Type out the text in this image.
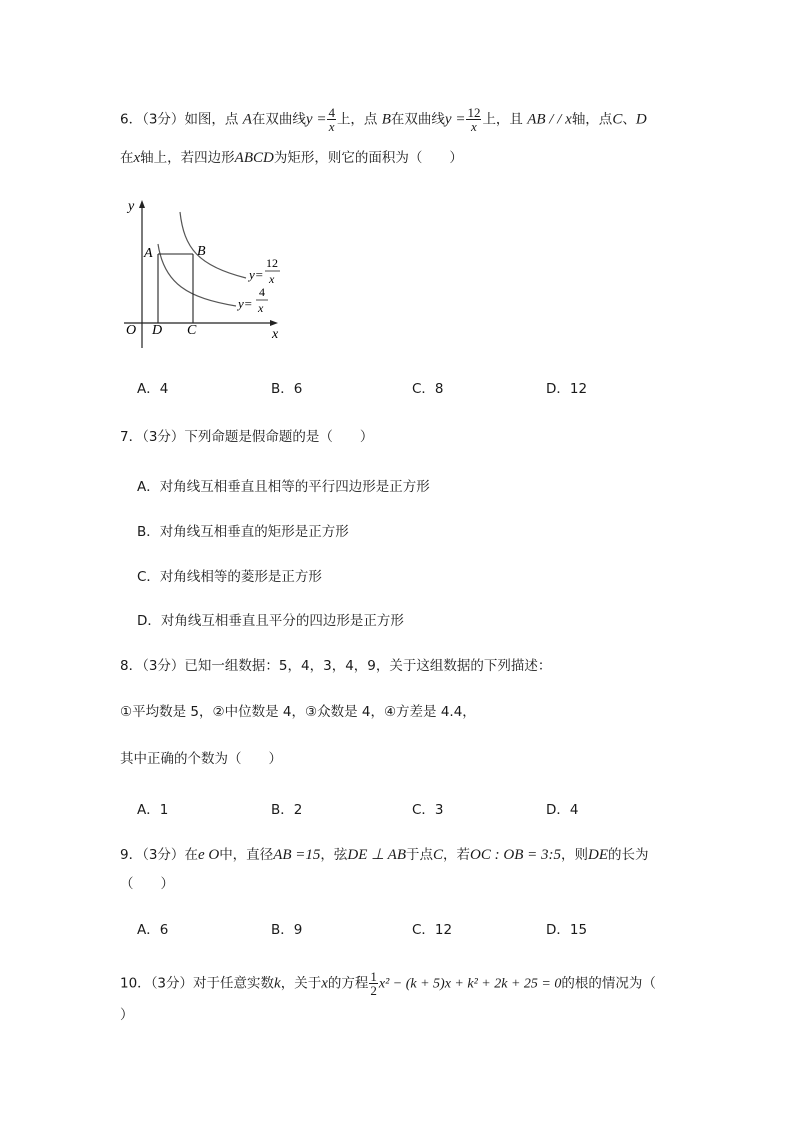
6．（3分）如图，点 A在双曲线$y = \frac{4}{x}$ 上，点 B在双曲线$y = \frac{12}{x}$ 上，且 AB / / x轴，点C、D
在x轴上，若四边形ABCD为矩形，则它的面积为（　　）
y
x
O
A	B
D C
y=
12
x
y=
4
x
A．4	B．6	C．8	D．12
7．（3分）下列命题是假命题的是（　　）
A．对角线互相垂直且相等的平行四边形是正方形
B．对角线互相垂直的矩形是正方形
C．对角线相等的菱形是正方形
D．对角线互相垂直且平分的四边形是正方形
8．（3分）已知一组数据：5，4，3，4，9，关于这组数据的下列描述：
①平均数是 5，②中位数是 4，③众数是 4，④方差是 4.4，
其中正确的个数为（　　）
A．1	B．2	C．3	D．4
9．（3分）在e O中，直径AB =15，弦DE ⊥ AB于点C，若OC : OB = 3:5，则DE的长为
（　　）
A．6	B．9	C．12	D．15
10．（3分）对于任意实数k，关于x的方程 $\frac{1}{2} x^2 - (k + 5)x + k^2 + 2k + 25 = 0$的根的情况为（
）
